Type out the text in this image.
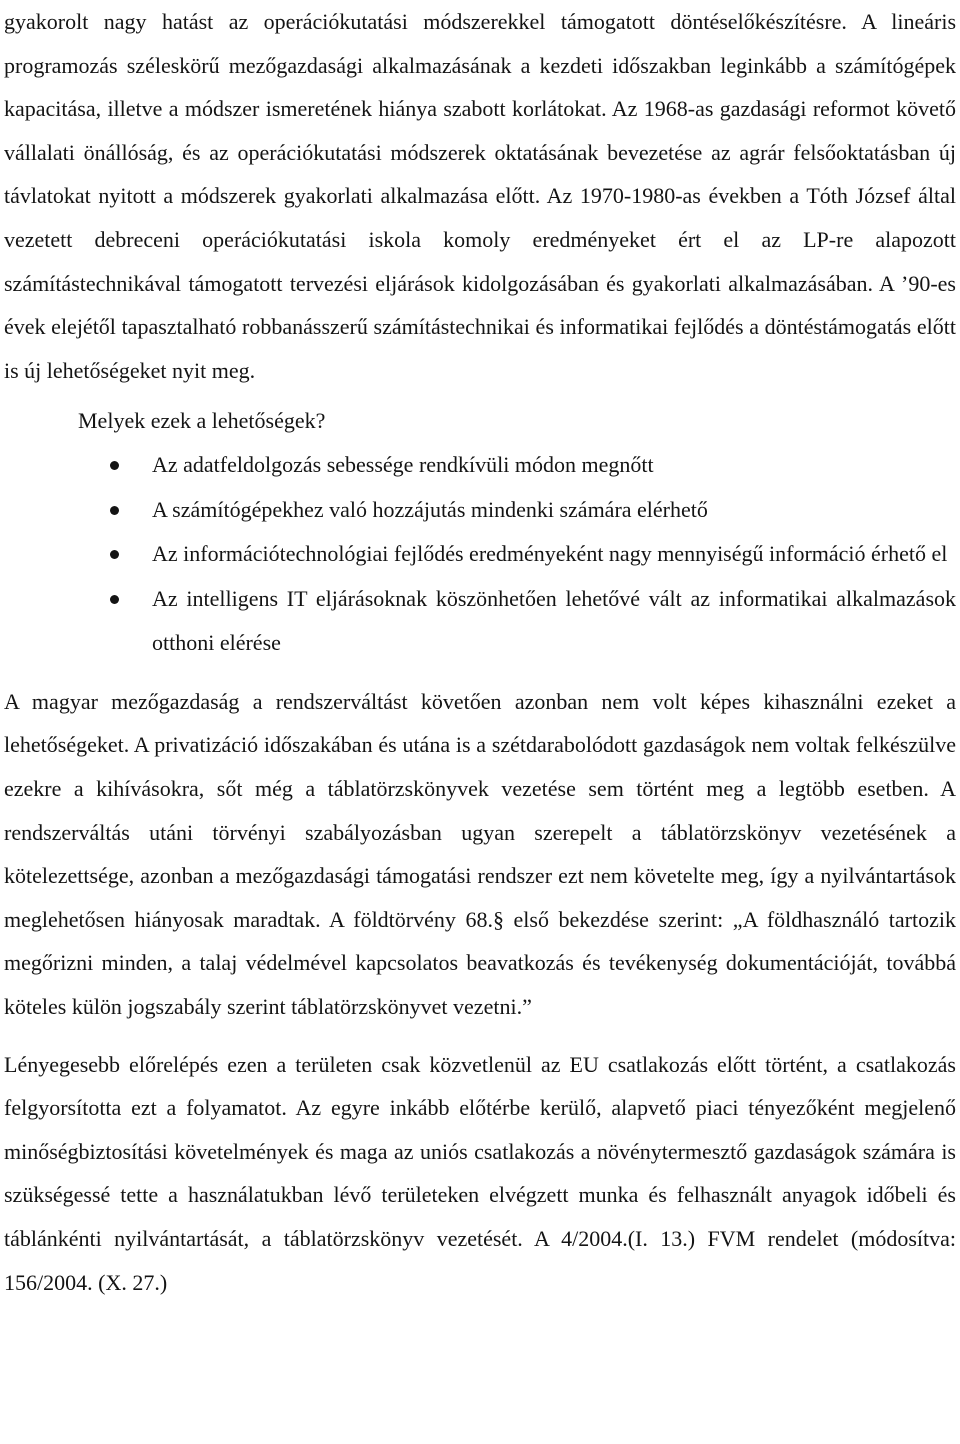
gyakorolt nagy hatást az operációkutatási módszerekkel támogatott döntéselőkészítésre. A lineáris programozás széleskörű mezőgazdasági alkalmazásának a kezdeti időszakban leginkább a számítógépek kapacitása, illetve a módszer ismeretének hiánya szabott korlátokat. Az 1968-as gazdasági reformot követő vállalati önállóság, és az operációkutatási módszerek oktatásának bevezetése az agrár felsőoktatásban új távlatokat nyitott a módszerek gyakorlati alkalmazása előtt. Az 1970-1980-as években a Tóth József által vezetett debreceni operációkutatási iskola komoly eredményeket ért el az LP-re alapozott számítástechnikával támogatott tervezési eljárások kidolgozásában és gyakorlati alkalmazásában. A ’90-es évek elejétől tapasztalható robbanásszerű számítástechnikai és informatikai fejlődés a döntéstámogatás előtt is új lehetőségeket nyit meg.

Melyek ezek a lehetőségek?

Az adatfeldolgozás sebessége rendkívüli módon megnőtt
A számítógépekhez való hozzájutás mindenki számára elérhető
Az információtechnológiai fejlődés eredményeként nagy mennyiségű információ érhető el
Az intelligens IT eljárásoknak köszönhetően lehetővé vált az informatikai alkalmazások otthoni elérése

A magyar mezőgazdaság a rendszerváltást követően azonban nem volt képes kihasználni ezeket a lehetőségeket. A privatizáció időszakában és utána is a szétdarabolódott gazdaságok nem voltak felkészülve ezekre a kihívásokra, sőt még a táblatörzskönyvek vezetése sem történt meg a legtöbb esetben. A rendszerváltás utáni törvényi szabályozásban ugyan szerepelt a táblatörzskönyv vezetésének a kötelezettsége, azonban a mezőgazdasági támogatási rendszer ezt nem követelte meg, így a nyilvántartások meglehetősen hiányosak maradtak. A földtörvény 68.§ első bekezdése szerint: „A földhasználó tartozik megőrizni minden, a talaj védelmével kapcsolatos beavatkozás és tevékenység dokumentációját, továbbá köteles külön jogszabály szerint táblatörzskönyvet vezetni.”

Lényegesebb előrelépés ezen a területen csak közvetlenül az EU csatlakozás előtt történt, a csatlakozás felgyorsította ezt a folyamatot. Az egyre inkább előtérbe kerülő, alapvető piaci tényezőként megjelenő minőségbiztosítási követelmények és maga az uniós csatlakozás a növénytermesztő gazdaságok számára is szükségessé tette a használatukban lévő területeken elvégzett munka és felhasznált anyagok időbeli és táblánkénti nyilvántartását, a táblatörzskönyv vezetését. A 4/2004.(I. 13.) FVM rendelet (módosítva: 156/2004. (X. 27.)
